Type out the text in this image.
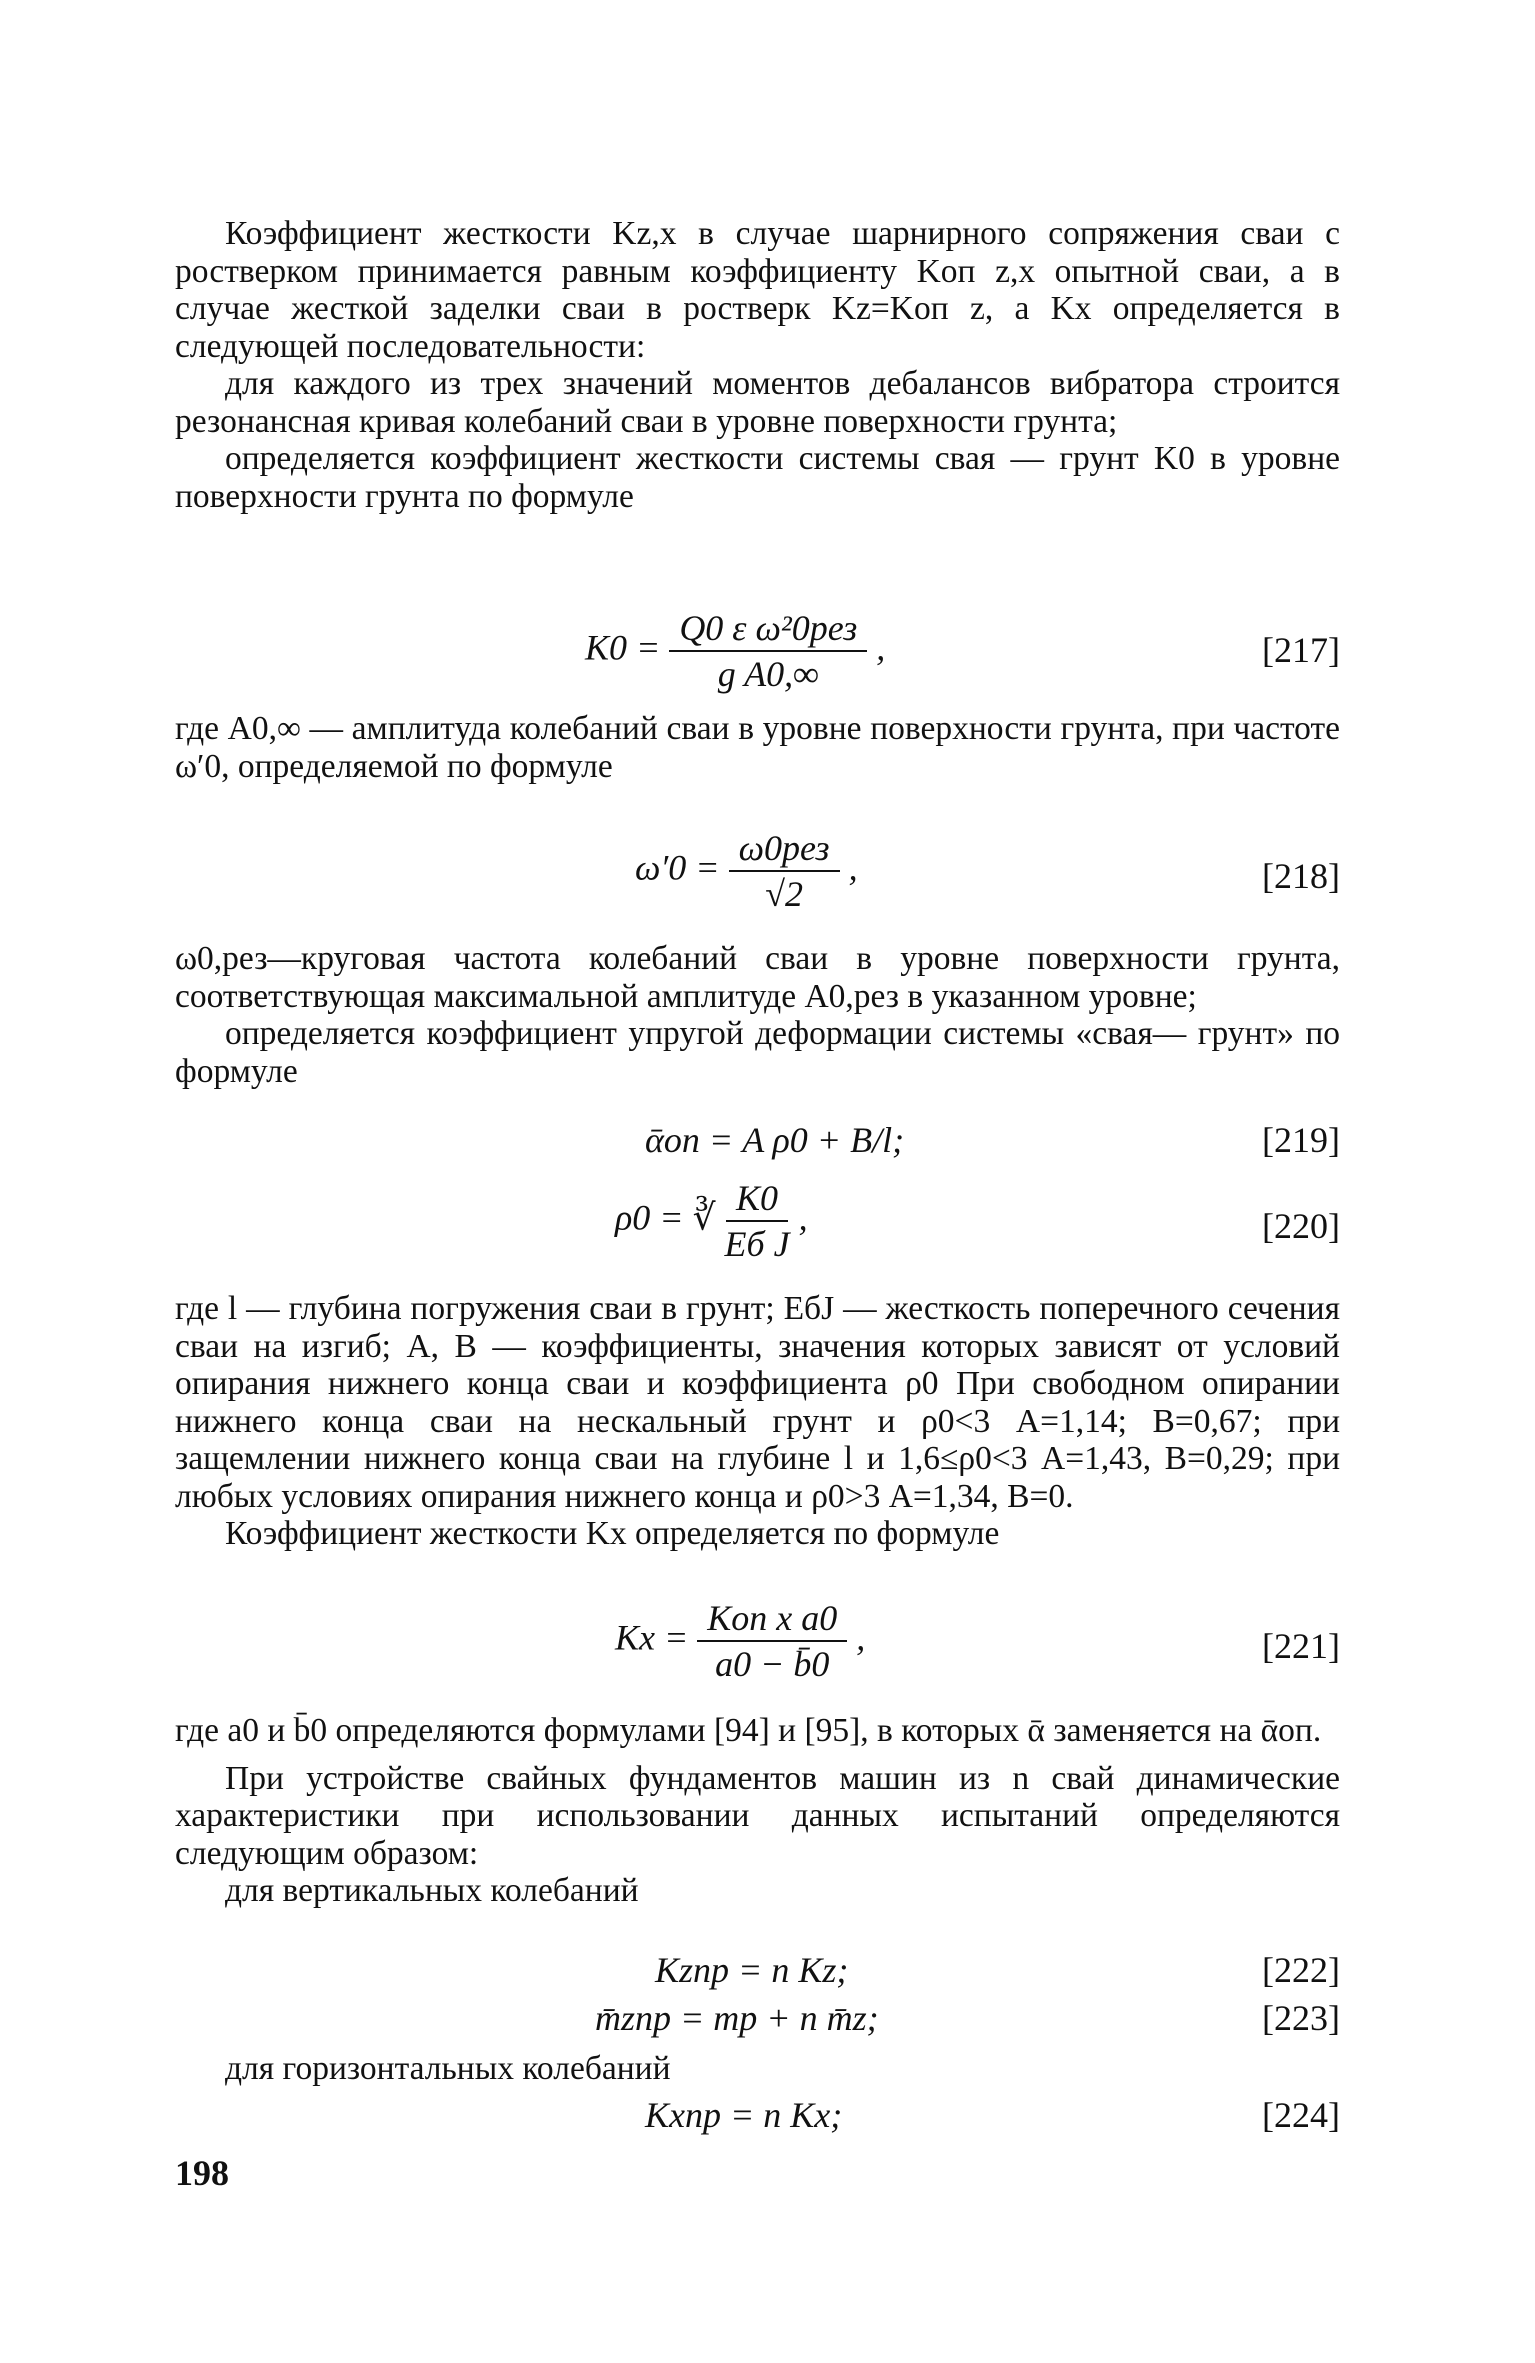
Коэффициент жесткости Kz,x в случае шарнирного сопряжения сваи с ростверком принимается равным коэффициенту Kоп z,x опытной сваи, а в случае жесткой заделки сваи в ростверк Kz=Kоп z, а Kx определяется в следующей последовательности:

для каждого из трех значений моментов дебалансов вибратора строится резонансная кривая колебаний сваи в уровне поверхности грунта;

определяется коэффициент жесткости системы свая — грунт K0 в уровне поверхности грунта по формуле

$K0 = \frac{\text{Q0 ε ω²0рез}}{\text{g A0,∞}}$ ,	[217]

где A0,∞ — амплитуда колебаний сваи в уровне поверхности грунта, при частоте ω′0, определяемой по формуле

$\omega'0 = \frac{\text{ω0рез}}{√2}$ ,	[218]

ω0,рез—круговая частота колебаний сваи в уровне поверхности грунта, соответствующая максимальной амплитуде A0,рез в указанном уровне;

определяется коэффициент упругой деформации системы «свая— грунт» по формуле

ᾱоп = A ρ0 + B/l;	[219]
ρ0 = ∛ $\frac{K0}{\text{Eб J}}$ ,	[220]

где l — глубина погружения сваи в грунт; EбJ — жесткость поперечного сечения сваи на изгиб; A, B — коэффициенты, значения которых зависят от условий опирания нижнего конца сваи и коэффициента ρ0 При свободном опирании нижнего конца сваи на нескальный грунт и ρ0<3 A=1,14; B=0,67; при защемлении нижнего конца сваи на глубине l и 1,6≤ρ0<3 A=1,43, B=0,29; при любых условиях опирания нижнего конца и ρ0>3 A=1,34, B=0.

Коэффициент жесткости Kx определяется по формуле

$Kx = \frac{\text{Kоп x a0}}{a0 - b̄0}$ ,	[221]

где a0 и b̄0 определяются формулами [94] и [95], в которых ᾱ заменяется на ᾱоп.

При устройстве свайных фундаментов машин из n свай динамические характеристики при использовании данных испытаний определяются следующим образом:

для вертикальных колебаний

Kzпр = n Kz;	[222]
m̄zпр = mр + n m̄z;	[223]

для горизонтальных колебаний

Kxпр = n Kx;	[224]
198
